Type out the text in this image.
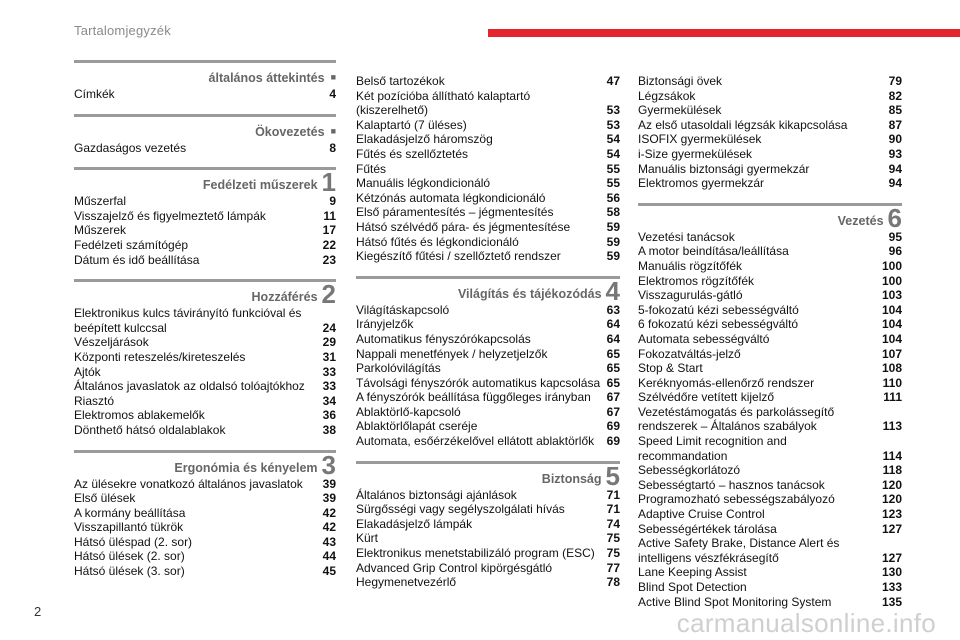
Tartalomjegyzék
általános áttekintés ■
Címkék	4
Ökovezetés ■
Gazdaságos vezetés	8
Fedélzeti műszerek 1
Műszerfal	9
Visszajelző és figyelmeztető lámpák	11
Műszerek	17
Fedélzeti számítógép	22
Dátum és idő beállítása	23
Hozzáférés 2
Elektronikus kulcs távirányító funkcióval és beépített kulccsal	24
Vészeljárások	29
Központi reteszelés/kireteszelés	31
Ajtók	33
Általános javaslatok az oldalsó tolóajtókhoz 33
Riasztó	34
Elektromos ablakemelők	36
Dönthető hátsó oldalablakok	38
Ergonómia és kényelem 3
Az ülésekre vonatkozó általános javaslatok 39
Első ülések	39
A kormány beállítása	42
Visszapillantó tükrök	42
Hátsó üléspad (2. sor)	43
Hátsó ülések (2. sor)	44
Hátsó ülések (3. sor)	45
Belső tartozékok	47
Két pozícióba állítható kalaptartó (kiszerelhető)	53
Kalaptartó (7 üléses)	53
Elakadásjelző háromszög	54
Fűtés és szellőztetés	54
Fűtés	55
Manuális légkondicionáló	55
Kétzónás automata légkondicionáló	56
Első páramentesítés – jégmentesítés	58
Hátsó szélvédő pára- és jégmentesítése	59
Hátsó fűtés és légkondicionáló	59
Kiegészítő fűtési / szellőztető rendszer	59
Világítás és tájékozódás 4
Világításkapcsoló	63
Irányjelzők	64
Automatikus fényszórókapcsolás	64
Nappali menetfények / helyzetjelzők	65
Parkolóvilágítás	65
Távolsági fényszórók automatikus kapcsolása 65
A fényszórók beállítása függőleges irányban 67
Ablaktörlő-kapcsoló	67
Ablaktörlőlapát cseréje	69
Automata, esőérzékelővel ellátott ablaktörlők 69
Biztonság 5
Általános biztonsági ajánlások	71
Sürgősségi vagy segélyszolgálati hívás	71
Elakadásjelző lámpák	74
Kürt	75
Elektronikus menetstabilizáló program (ESC) 75
Advanced Grip Control kipörgésgátló	77
Hegymenetvezérlő	78
Biztonsági övek	79
Légzsákok	82
Gyermekülések	85
Az első utasoldali légzsák kikapcsolása	87
ISOFIX gyermekülések	90
i-Size gyermekülések	93
Manuális biztonsági gyermekzár	94
Elektromos gyermekzár	94
Vezetés 6
Vezetési tanácsok	95
A motor beindítása/leállítása	96
Manuális rögzítőfék	100
Elektromos rögzítőfék	100
Visszagurulás-gátló	103
5-fokozatú kézi sebességváltó	104
6 fokozatú kézi sebességváltó	104
Automata sebességváltó	104
Fokozatváltás-jelző	107
Stop & Start	108
Keréknyomás-ellenőrző rendszer	110
Szélvédőre vetített kijelző	111
Vezetéstámogatás és parkolássegítő rendszerek – Általános szabályok	113
Speed Limit recognition and recommandation	114
Sebességkorlátozó	118
Sebességtartó – hasznos tanácsok	120
Programozható sebességszabályozó	120
Adaptive Cruise Control	123
Sebességértékek tárolása	127
Active Safety Brake, Distance Alert és intelligens vészfékrásegítő	127
Lane Keeping Assist	130
Blind Spot Detection	133
Active Blind Spot Monitoring System	135
2	carmanualsonline.info
